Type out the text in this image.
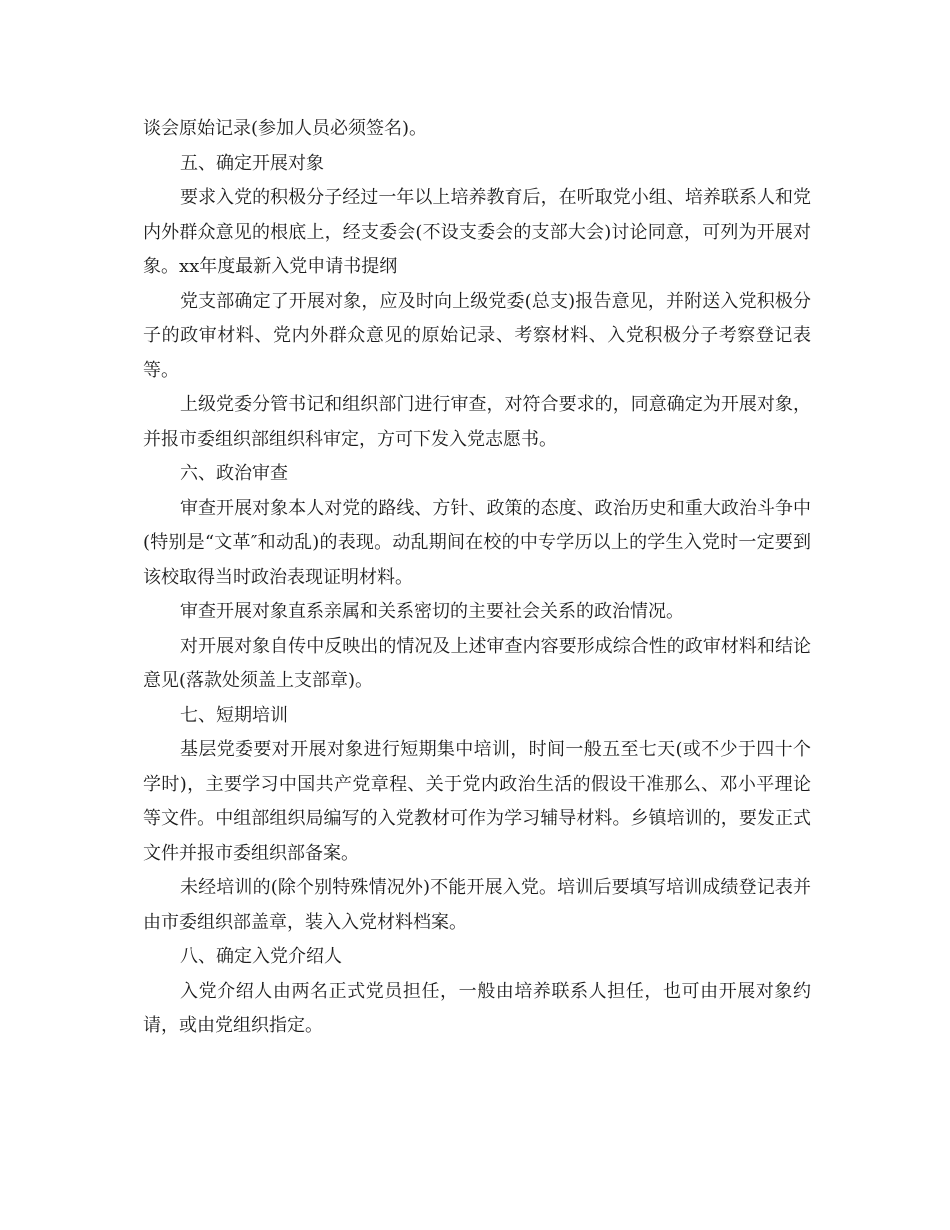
谈会原始记录(参加人员必须签名)。

五、确定开展对象

要求入党的积极分子经过一年以上培养教育后，在听取党小组、培养联系人和党内外群众意见的根底上，经支委会(不设支委会的支部大会)讨论同意，可列为开展对象。xx年度最新入党申请书提纲

党支部确定了开展对象，应及时向上级党委(总支)报告意见，并附送入党积极分子的政审材料、党内外群众意见的原始记录、考察材料、入党积极分子考察登记表等。

上级党委分管书记和组织部门进行审查，对符合要求的，同意确定为开展对象，并报市委组织部组织科审定，方可下发入党志愿书。

六、政治审查

审查开展对象本人对党的路线、方针、政策的态度、政治历史和重大政治斗争中(特别是“文革″和动乱)的表现。动乱期间在校的中专学历以上的学生入党时一定要到该校取得当时政治表现证明材料。

审查开展对象直系亲属和关系密切的主要社会关系的政治情况。

对开展对象自传中反映出的情况及上述审查内容要形成综合性的政审材料和结论意见(落款处须盖上支部章)。

七、短期培训

基层党委要对开展对象进行短期集中培训，时间一般五至七天(或不少于四十个学时)，主要学习中国共产党章程、关于党内政治生活的假设干准那么、邓小平理论等文件。中组部组织局编写的入党教材可作为学习辅导材料。乡镇培训的，要发正式文件并报市委组织部备案。

未经培训的(除个别特殊情况外)不能开展入党。培训后要填写培训成绩登记表并由市委组织部盖章，装入入党材料档案。

八、确定入党介绍人

入党介绍人由两名正式党员担任，一般由培养联系人担任，也可由开展对象约请，或由党组织指定。
